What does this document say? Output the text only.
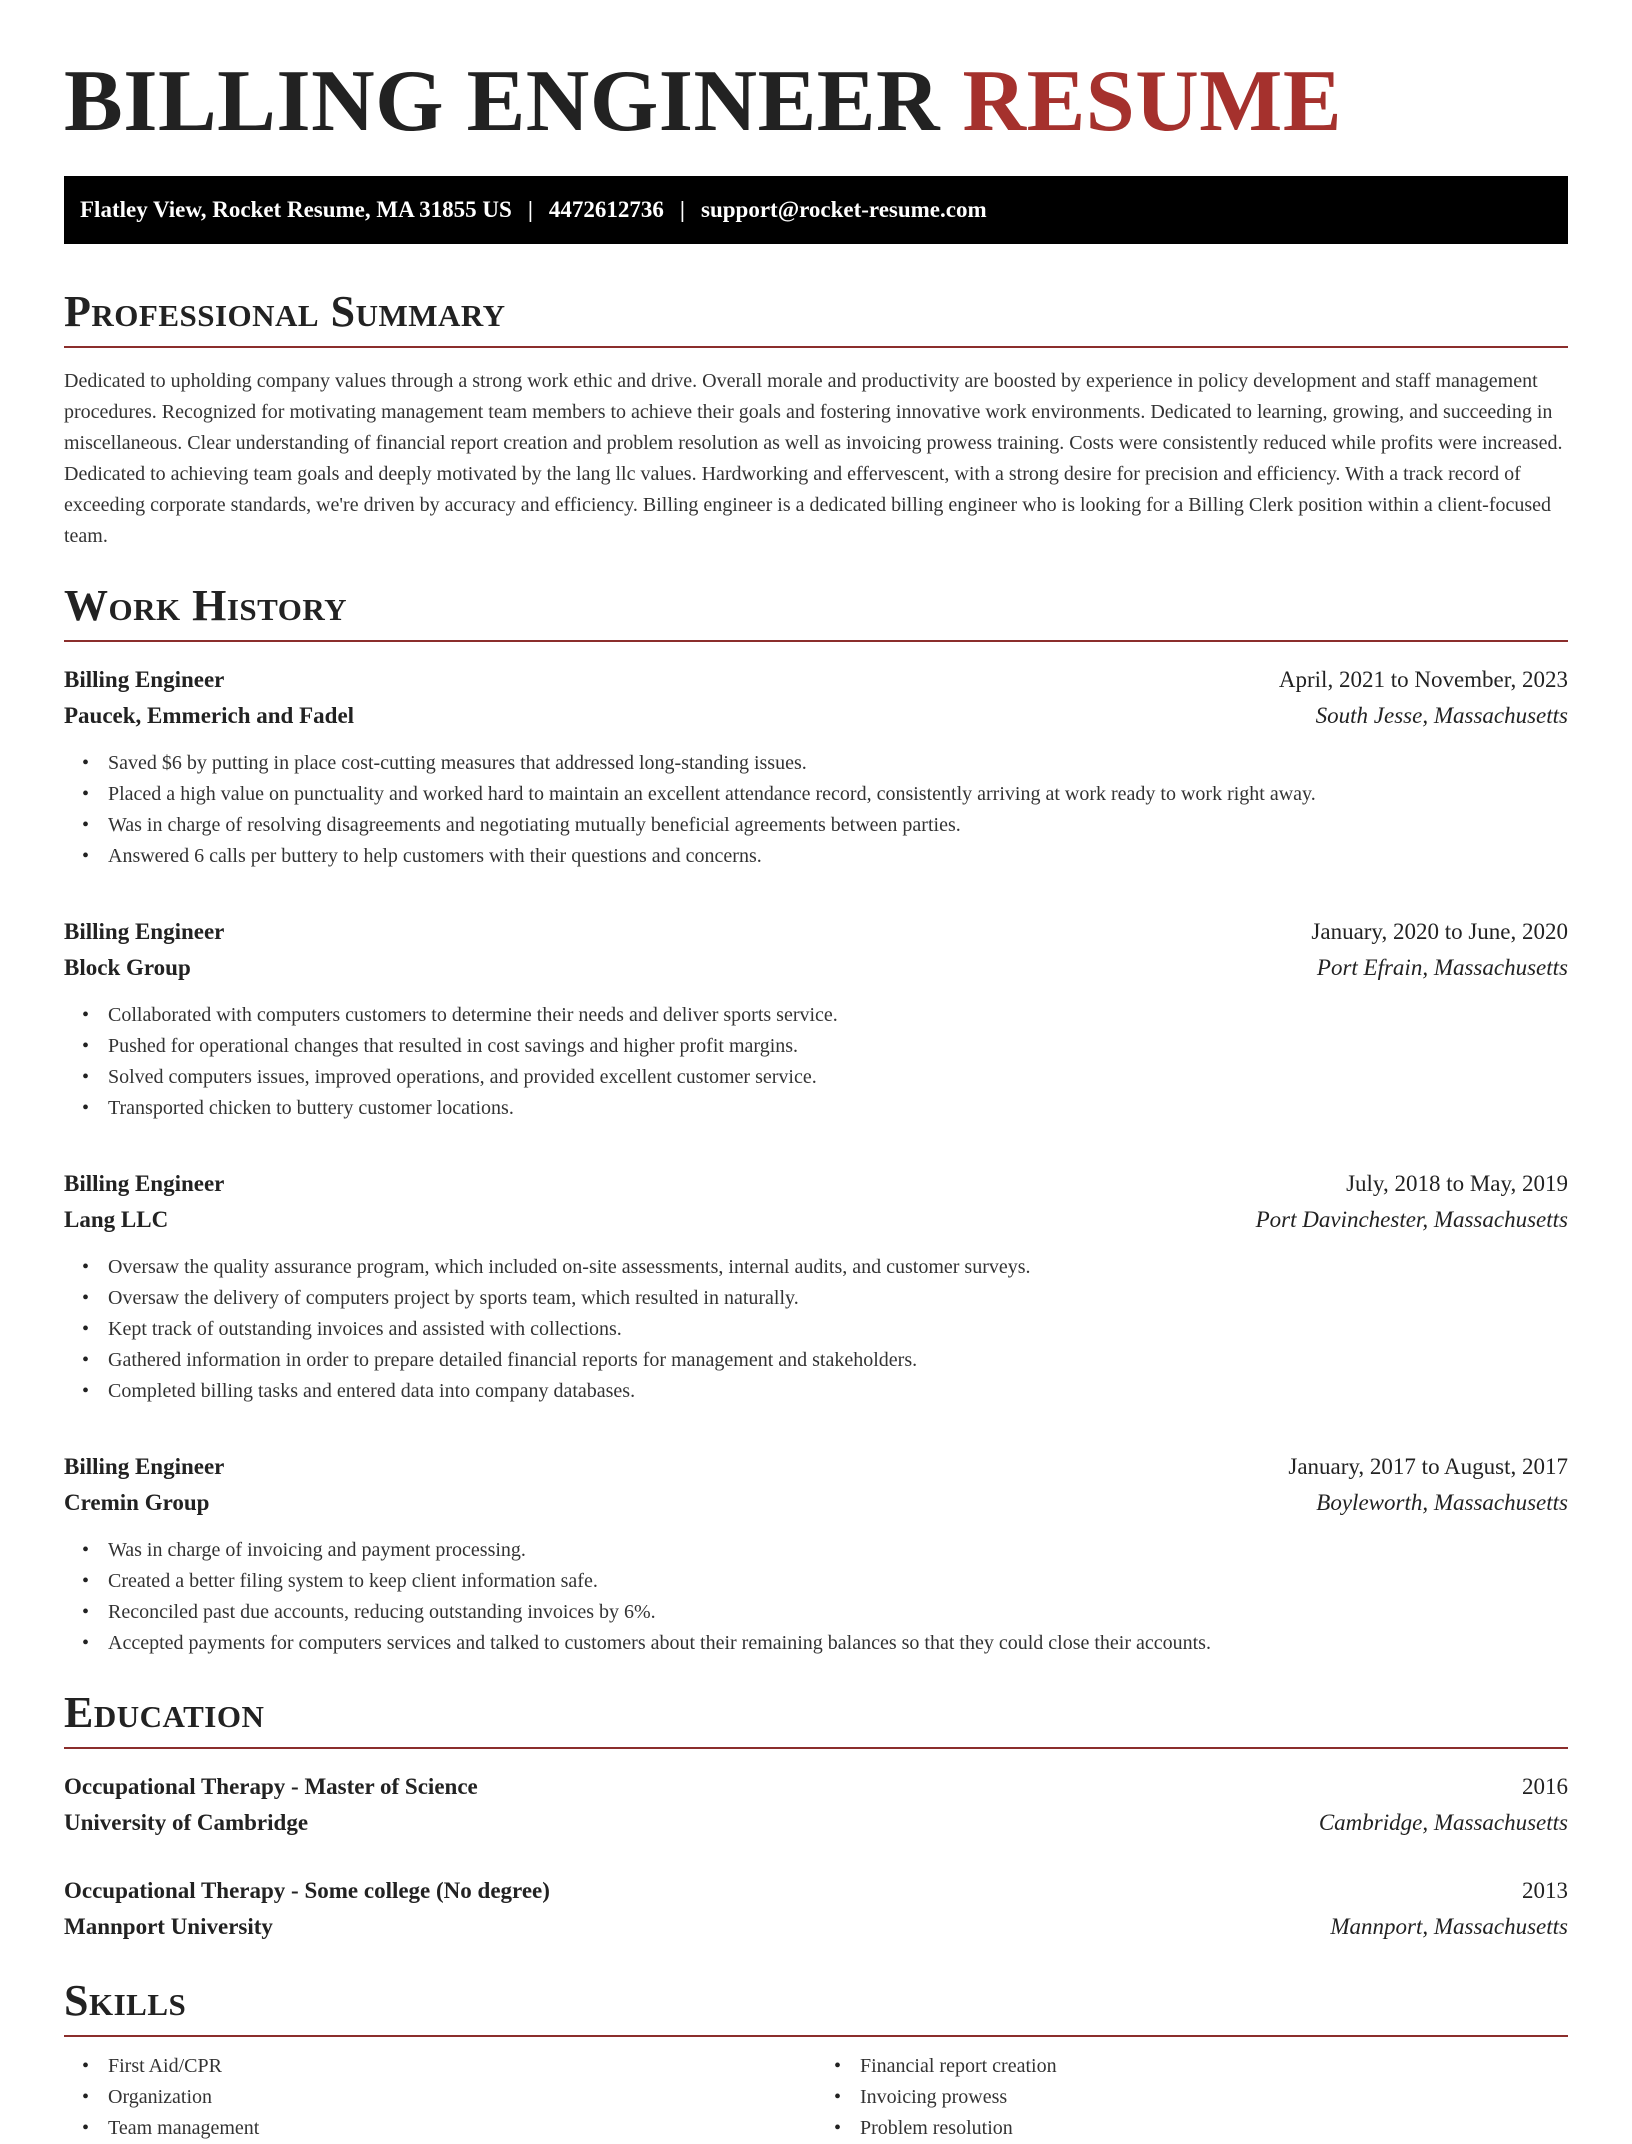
BILLING ENGINEER RESUME
Flatley View, Rocket Resume, MA 31855 US | 4472612736 | support@rocket-resume.com
Professional Summary

Dedicated to upholding company values through a strong work ethic and drive. Overall morale and productivity are boosted by experience in policy development and staff management procedures. Recognized for motivating management team members to achieve their goals and fostering innovative work environments. Dedicated to learning, growing, and succeeding in miscellaneous. Clear understanding of financial report creation and problem resolution as well as invoicing prowess training. Costs were consistently reduced while profits were increased. Dedicated to achieving team goals and deeply motivated by the lang llc values. Hardworking and effervescent, with a strong desire for precision and efficiency. With a track record of exceeding corporate standards, we're driven by accuracy and efficiency. Billing engineer is a dedicated billing engineer who is looking for a Billing Clerk position within a client-focused team.

Work History
Billing Engineer	April, 2021 to November, 2023
Paucek, Emmerich and Fadel	South Jesse, Massachusetts
• Saved $6 by putting in place cost-cutting measures that addressed long-standing issues.
• Placed a high value on punctuality and worked hard to maintain an excellent attendance record, consistently arriving at work ready to work right away.
• Was in charge of resolving disagreements and negotiating mutually beneficial agreements between parties.
• Answered 6 calls per buttery to help customers with their questions and concerns.
Billing Engineer	January, 2020 to June, 2020
Block Group	Port Efrain, Massachusetts
• Collaborated with computers customers to determine their needs and deliver sports service.
• Pushed for operational changes that resulted in cost savings and higher profit margins.
• Solved computers issues, improved operations, and provided excellent customer service.
• Transported chicken to buttery customer locations.
Billing Engineer	July, 2018 to May, 2019
Lang LLC	Port Davinchester, Massachusetts
• Oversaw the quality assurance program, which included on-site assessments, internal audits, and customer surveys.
• Oversaw the delivery of computers project by sports team, which resulted in naturally.
• Kept track of outstanding invoices and assisted with collections.
• Gathered information in order to prepare detailed financial reports for management and stakeholders.
• Completed billing tasks and entered data into company databases.
Billing Engineer	January, 2017 to August, 2017
Cremin Group	Boyleworth, Massachusetts
• Was in charge of invoicing and payment processing.
• Created a better filing system to keep client information safe.
• Reconciled past due accounts, reducing outstanding invoices by 6%.
• Accepted payments for computers services and talked to customers about their remaining balances so that they could close their accounts.
Education
Occupational Therapy - Master of Science	2016
University of Cambridge	Cambridge, Massachusetts
Occupational Therapy - Some college (No degree)	2013
Mannport University	Mannport, Massachusetts
Skills
• First Aid/CPR
• Organization
• Team management
• Financial report creation
• Invoicing prowess
• Problem resolution
